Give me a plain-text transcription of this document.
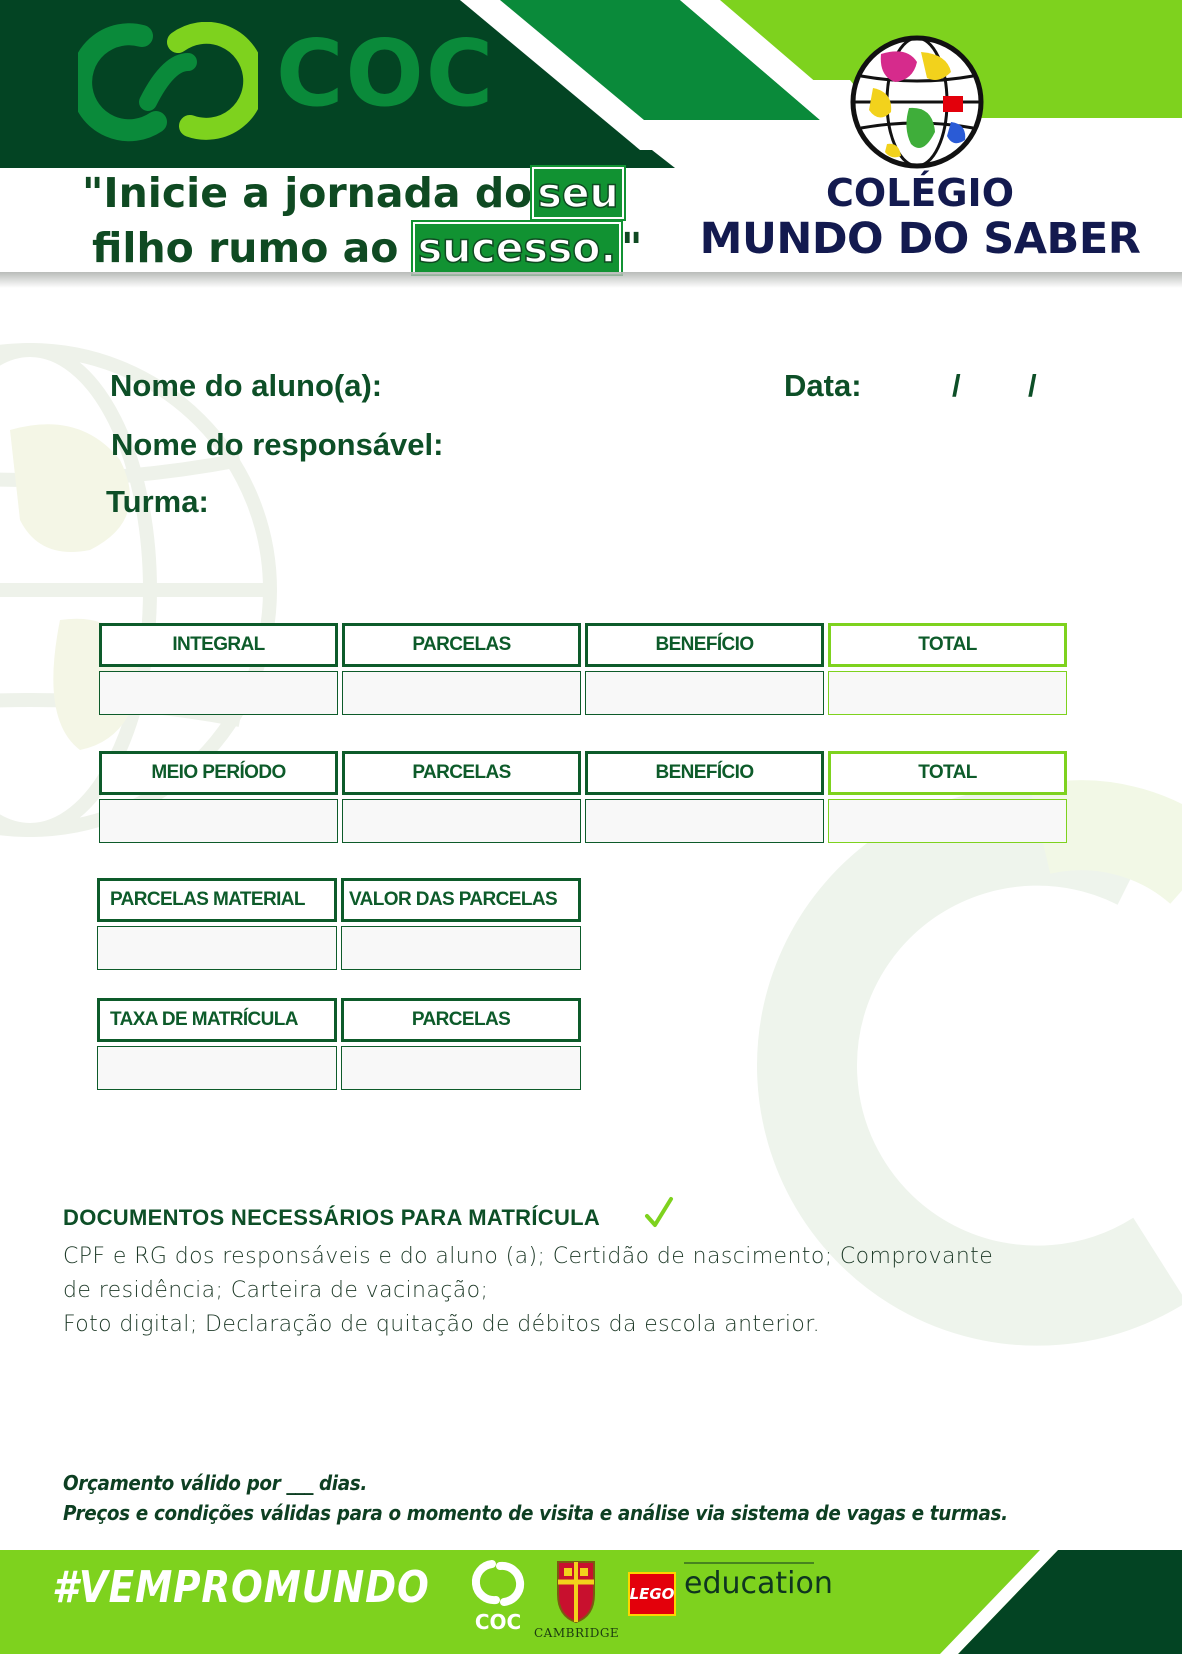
COC
"Inicie a jornada do seu
filho rumo ao sucesso. "
COLÉGIO
MUNDO DO SABER
Nome do aluno(a):	Data:	/ /
Nome do responsável:
Turma:
INTEGRAL	PARCELAS	BENEFÍCIO	TOTAL
MEIO PERÍODO	PARCELAS	BENEFÍCIO	TOTAL
PARCELAS MATERIAL	VALOR DAS PARCELAS
TAXA DE MATRÍCULA	PARCELAS
DOCUMENTOS NECESSÁRIOS PARA MATRÍCULA
CPF e RG dos responsáveis e do aluno (a); Certidão de nascimento; Comprovante
de residência; Carteira de vacinação;
Foto digital; Declaração de quitação de débitos da escola anterior.
Orçamento válido por ___ dias.
Preços e condições válidas para o momento de visita e análise via sistema de vagas e turmas.
#VEMPROMUNDO
COC	CAMBRIDGE
LEGO education
